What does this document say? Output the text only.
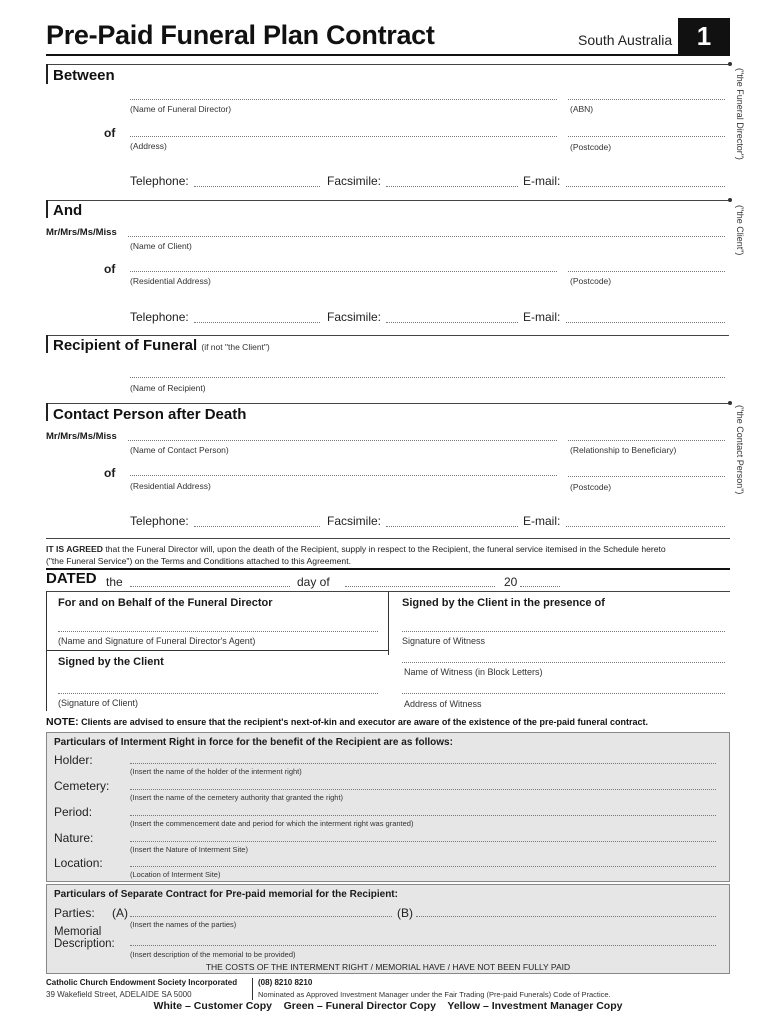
Pre-Paid Funeral Plan Contract	South Australia 1
Between	("the Funeral Director")
(Name of Funeral Director)	(ABN)
of
(Address)	(Postcode)
Telephone:	Facsimile:	E-mail:
And	("the Client")
Mr/Mrs/Ms/Miss
(Name of Client)
of
(Residential Address)	(Postcode)
Telephone:	Facsimile:	E-mail:
Recipient of Funeral (if not "the Client")
(Name of Recipient)
Contact Person after Death	("the Contact Person")
Mr/Mrs/Ms/Miss
(Name of Contact Person)	(Relationship to Beneficiary)
of
(Residential Address)	(Postcode)
Telephone:	Facsimile:	E-mail:
IT IS AGREED that the Funeral Director will, upon the death of the Recipient, supply in respect to the Recipient, the funeral service itemised in the Schedule hereto
("the Funeral Service") on the Terms and Conditions attached to this Agreement.
DATED the	day of	20
For and on Behalf of the Funeral Director
(Name and Signature of Funeral Director's Agent)
Signed by the Client
(Signature of Client)
Signed by the Client in the presence of
Signature of Witness
Name of Witness (in Block Letters)
Address of Witness
NOTE: Clients are advised to ensure that the recipient's next-of-kin and executor are aware of the existence of the pre-paid funeral contract.
Particulars of Interment Right in force for the benefit of the Recipient are as follows:
Holder:
(Insert the name of the holder of the interment right)
Cemetery:
(Insert the name of the cemetery authority that granted the right)
Period:
(Insert the commencement date and period for which the interment right was granted)
Nature:
(Insert the Nature of Interment Site)
Location:
(Location of Interment Site)
Particulars of Separate Contract for Pre-paid memorial for the Recipient:
Parties: (A)	(B)
(Insert the names of the parties)
Memorial
Description:
(Insert description of the memorial to be provided)
THE COSTS OF THE INTERMENT RIGHT / MEMORIAL HAVE / HAVE NOT BEEN FULLY PAID
Catholic Church Endowment Society Incorporated
39 Wakefield Street, ADELAIDE SA 5000
(08) 8210 8210
Nominated as Approved Investment Manager under the Fair Trading (Pre-paid Funerals) Code of Practice.
White – Customer Copy    Green – Funeral Director Copy    Yellow – Investment Manager Copy
